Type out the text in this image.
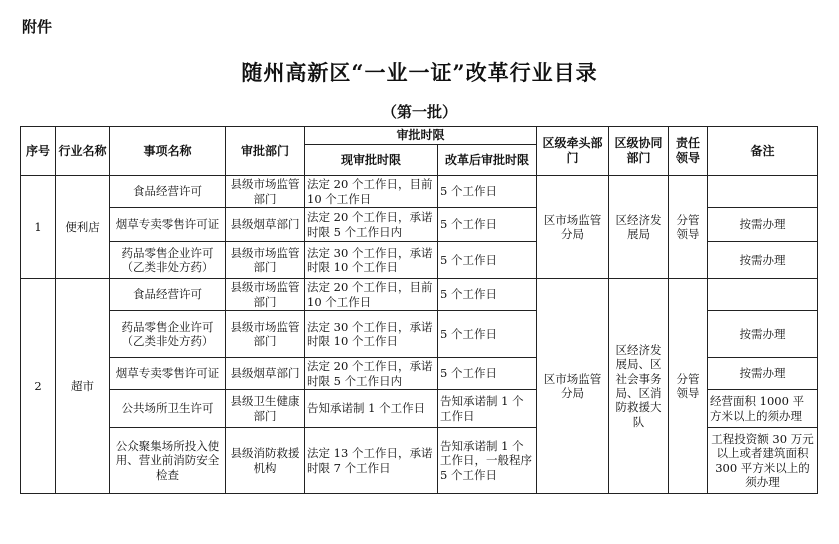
附件
随州高新区“一业一证”改革行业目录
（第一批）
序号	行业名称	事项名称	审批部门	审批时限		区级牵头部门	区级协同部门	责任领导	备注
				现审批时限	改革后审批时限				
1	便利店	食品经营许可	县级市场监管部门	法定 20 个工作日，目前 10 个工作日	5 个工作日	区市场监管分局	区经济发展局	分管领导	
		烟草专卖零售许可证	县级烟草部门	法定 20 个工作日，承诺时限 5 个工作日内	5 个工作日				按需办理
		药品零售企业许可（乙类非处方药）	县级市场监管部门	法定 30 个工作日，承诺时限 10 个工作日	5 个工作日				按需办理
2	超市	食品经营许可	县级市场监管部门	法定 20 个工作日，目前 10 个工作日	5 个工作日	区市场监管分局	区经济发展局、区社会事务局、区消防救援大队	分管领导	
		药品零售企业许可（乙类非处方药）	县级市场监管部门	法定 30 个工作日，承诺时限 10 个工作日	5 个工作日				按需办理
		烟草专卖零售许可证	县级烟草部门	法定 20 个工作日，承诺时限 5 个工作日内	5 个工作日				按需办理
		公共场所卫生许可	县级卫生健康部门	告知承诺制 1 个工作日	告知承诺制 1 个工作日				经营面积 1000 平方米以上的须办理
		公众聚集场所投入使用、营业前消防安全检查	县级消防救援机构	法定 13 个工作日，承诺时限 7 个工作日	告知承诺制 1 个工作日，一般程序 5 个工作日				工程投资额 30 万元以上或者建筑面积 300 平方米以上的须办理
